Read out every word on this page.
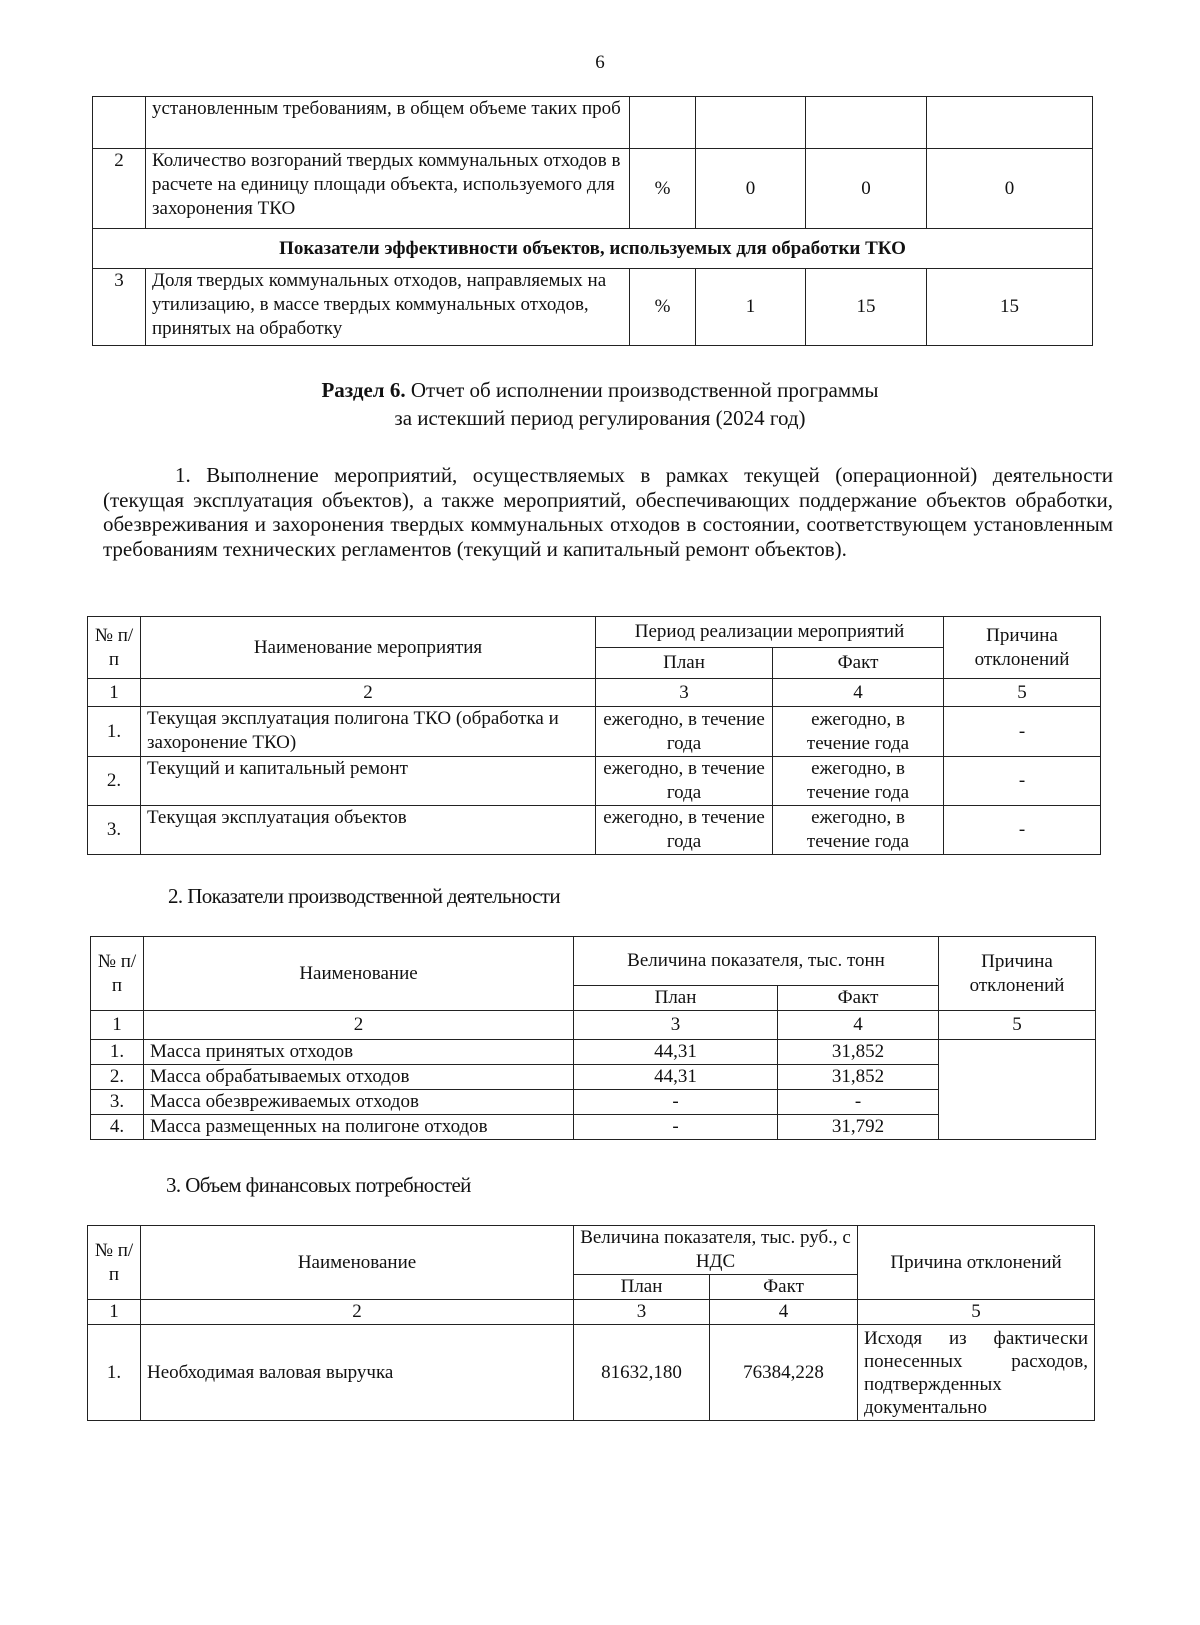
6
	установленным требованиям, в общем объеме таких проб				
2	Количество возгораний твердых коммунальных отходов в расчете на единицу площади объекта, используемого для захоронения ТКО	%	0	0	0
Показатели эффективности объектов, используемых для обработки ТКО					
3	Доля твердых коммунальных отходов, направляемых на утилизацию, в массе твердых коммунальных отходов, принятых на обработку	%	1	15	15
Раздел 6. Отчет об исполнении производственной программы
за истекший период регулирования (2024 год)
1. Выполнение мероприятий, осуществляемых в рамках текущей (операционной) деятельности (текущая эксплуатация объектов), а также мероприятий, обеспечивающих поддержание объектов обработки, обезвреживания и захоронения твердых коммунальных отходов в состоянии, соответствующем установленным требованиям технических регламентов (текущий и капитальный ремонт объектов).
№ п/п	Наименование мероприятия	Период реализации мероприятий		Причина отклонений
		План	Факт	
1	2	3	4	5
1.	Текущая эксплуатация полигона ТКО (обработка и захоронение ТКО)	ежегодно, в течение года	ежегодно, в течение года	-
2.	Текущий и капитальный ремонт	ежегодно, в течение года	ежегодно, в течение года	-
3.	Текущая эксплуатация объектов	ежегодно, в течение года	ежегодно, в течение года	-
2. Показатели производственной деятельности
№ п/п	Наименование	Величина показателя, тыс. тонн		Причина отклонений
		План	Факт	
1	2	3	4	5
1.	Масса принятых отходов	44,31	31,852	
2.	Масса обрабатываемых отходов	44,31	31,852	
3.	Масса обезвреживаемых отходов	-	-	
4.	Масса размещенных на полигоне отходов	-	31,792	
3. Объем финансовых потребностей
№ п/п	Наименование	Величина показателя, тыс. руб., с НДС		Причина отклонений
		План	Факт	
1	2	3	4	5
1.	Необходимая валовая выручка	81632,180	76384,228	Исходя из фактически понесенных расходов, подтвержденных документально
